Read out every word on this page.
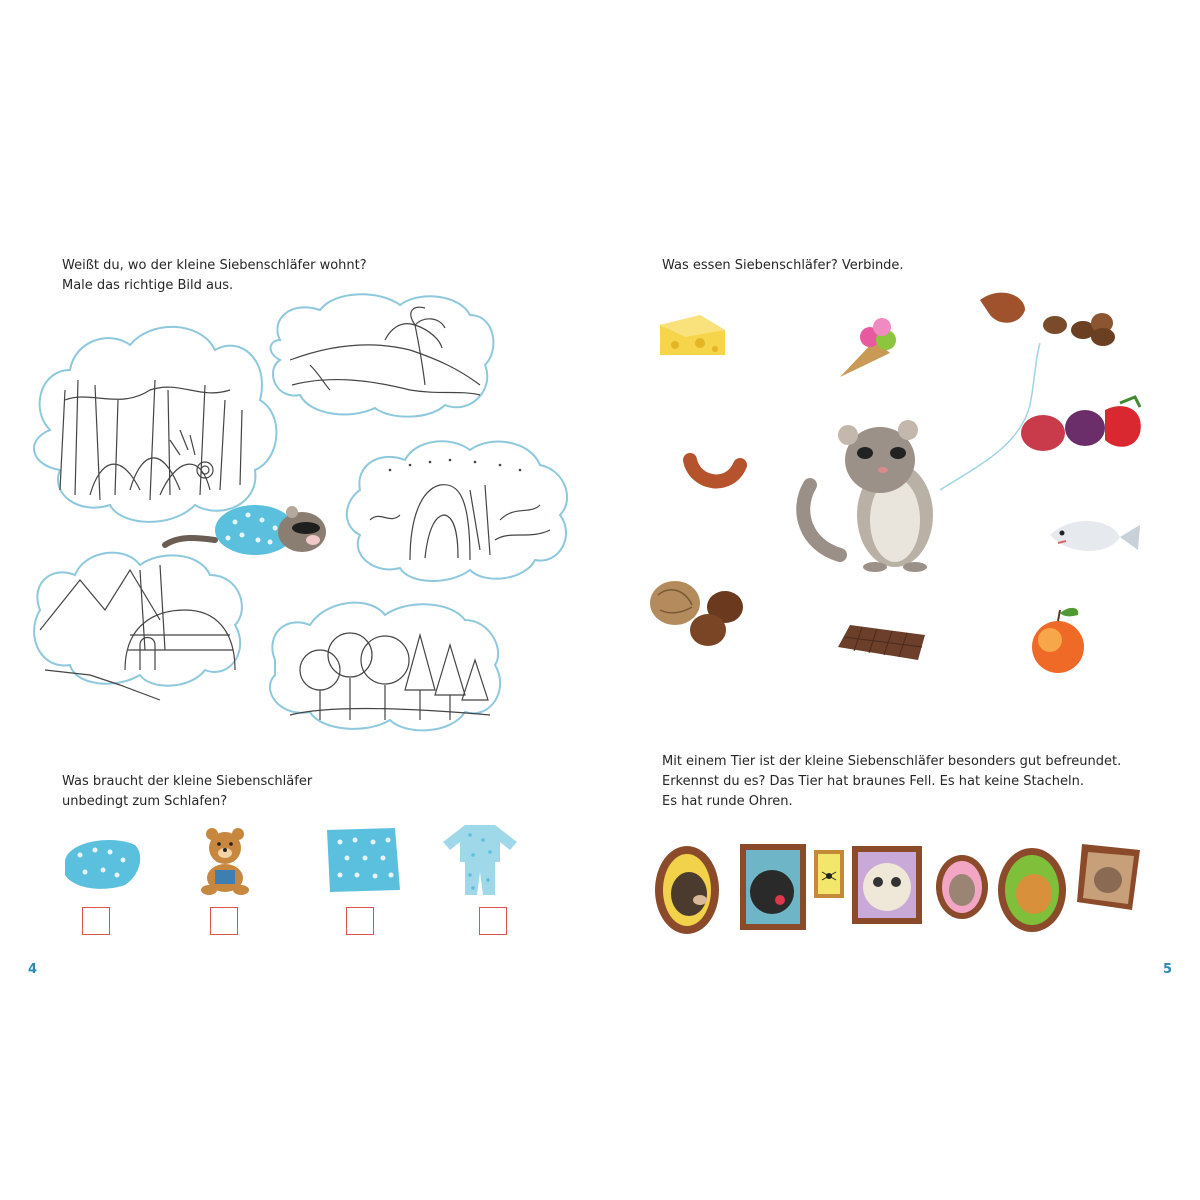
Weißt du, wo der kleine Siebenschläfer wohnt?
Male das richtige Bild aus.
Was braucht der kleine Siebenschläfer
unbedingt zum Schlafen?
4
Was essen Siebenschläfer? Verbinde.
Mit einem Tier ist der kleine Siebenschläfer besonders gut befreundet.
Erkennst du es? Das Tier hat braunes Fell. Es hat keine Stacheln.
Es hat runde Ohren.
5
